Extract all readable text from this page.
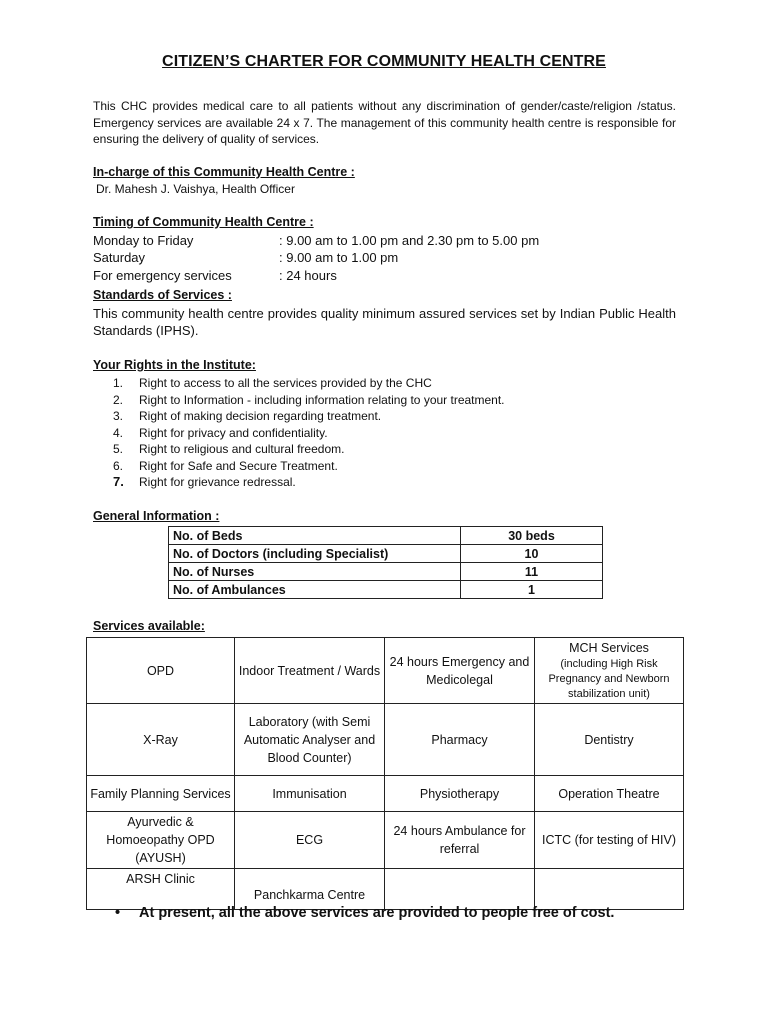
CITIZEN’S CHARTER FOR COMMUNITY HEALTH CENTRE
This CHC provides medical care to all patients without any discrimination of gender/caste/religion /status. Emergency services are available 24 x 7. The management of this community health centre is responsible for ensuring the delivery of quality of services.
In-charge of this Community Health Centre :
Dr. Mahesh J. Vaishya, Health Officer
Timing of Community Health Centre :
Monday to Friday	: 9.00 am to 1.00 pm and 2.30 pm to 5.00 pm
Saturday	: 9.00 am to 1.00 pm
For emergency services	: 24 hours
Standards of Services :
This community health centre provides quality minimum assured services set by Indian Public Health Standards (IPHS).
Your Rights in the Institute:
1. Right to access to all the services provided by the CHC
2. Right to Information - including information relating to your treatment.
3. Right of making decision regarding treatment.
4. Right for privacy and confidentiality.
5. Right to religious and cultural freedom.
6. Right for Safe and Secure Treatment.
7. Right for grievance redressal.
General Information :
No. of Beds	30 beds
No. of Doctors (including Specialist)	10
No. of Nurses	11
No. of Ambulances	1
Services available:
OPD	Indoor Treatment / Wards	24 hours Emergency and Medicolegal	MCH Services
(including High Risk Pregnancy and Newborn stabilization unit)

X-Ray	Laboratory (with Semi Automatic Analyser and Blood Counter)	Pharmacy	Dentistry
Family Planning Services	Immunisation	Physiotherapy	Operation Theatre
Ayurvedic & Homoeopathy OPD (AYUSH)	ECG	24 hours Ambulance for referral	ICTC (for testing of HIV)
ARSH Clinic	Panchkarma Centre		
• At present, all the above services are provided to people free of cost.
